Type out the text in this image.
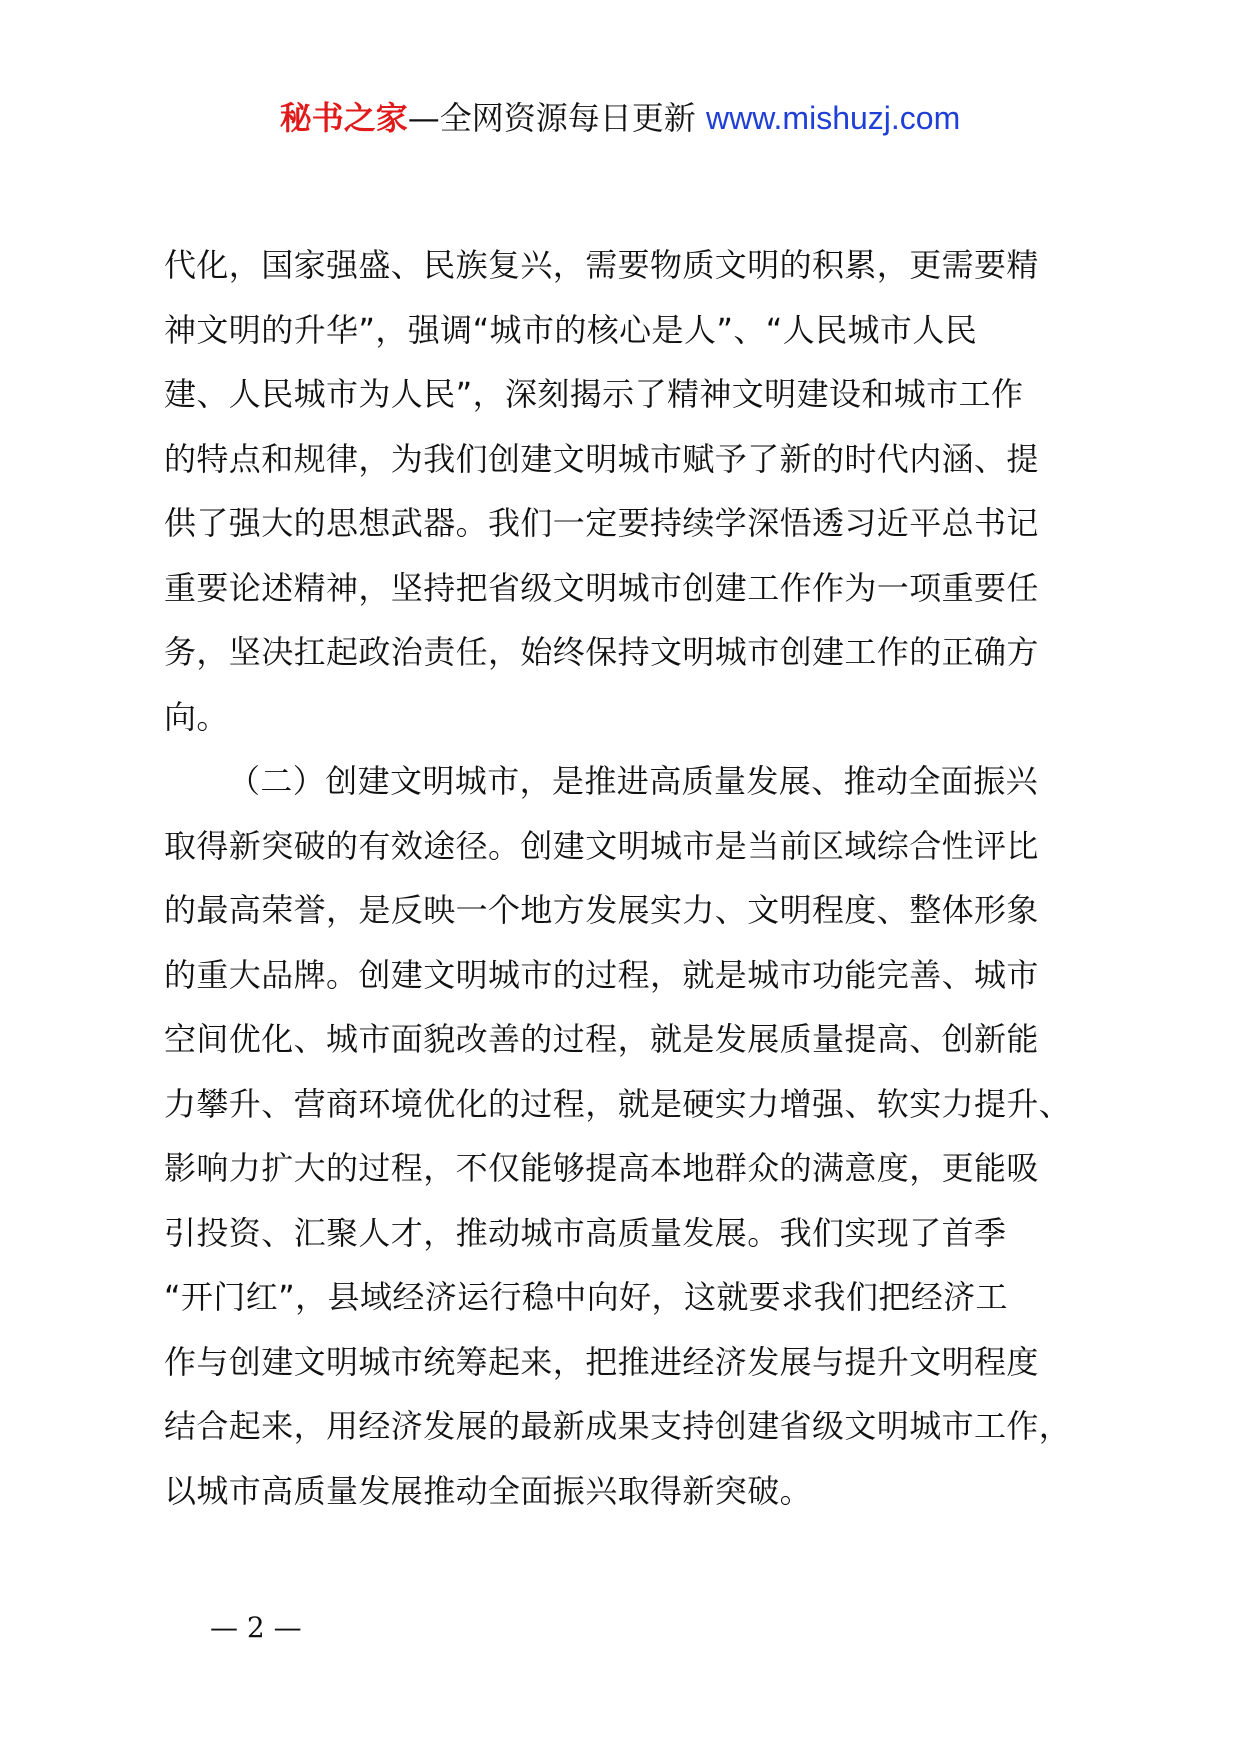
秘书之家—全网资源每日更新 www.mishuzj.com
代化，国家强盛、民族复兴，需要物质文明的积累，更需要精
神文明的升华”，强调“城市的核心是人”、“人民城市人民
建、人民城市为人民”，深刻揭示了精神文明建设和城市工作
的特点和规律，为我们创建文明城市赋予了新的时代内涵、提
供了强大的思想武器。我们一定要持续学深悟透习近平总书记
重要论述精神，坚持把省级文明城市创建工作作为一项重要任
务，坚决扛起政治责任，始终保持文明城市创建工作的正确方
向。
（二）创建文明城市，是推进高质量发展、推动全面振兴
取得新突破的有效途径。创建文明城市是当前区域综合性评比
的最高荣誉，是反映一个地方发展实力、文明程度、整体形象
的重大品牌。创建文明城市的过程，就是城市功能完善、城市
空间优化、城市面貌改善的过程，就是发展质量提高、创新能
力攀升、营商环境优化的过程，就是硬实力增强、软实力提升、
影响力扩大的过程，不仅能够提高本地群众的满意度，更能吸
引投资、汇聚人才，推动城市高质量发展。我们实现了首季
“开门红”，县域经济运行稳中向好，这就要求我们把经济工
作与创建文明城市统筹起来，把推进经济发展与提升文明程度
结合起来，用经济发展的最新成果支持创建省级文明城市工作，
以城市高质量发展推动全面振兴取得新突破。
— 2 —
